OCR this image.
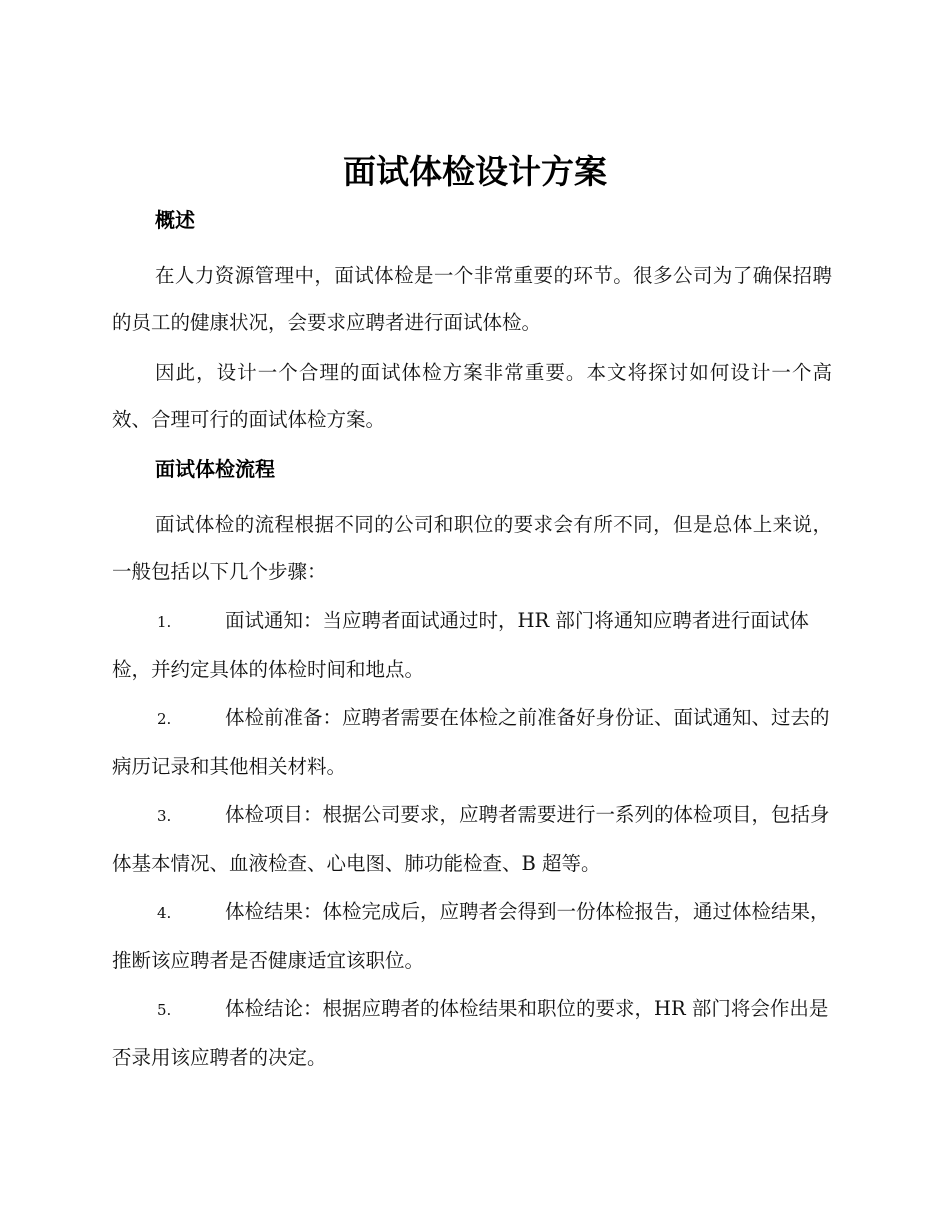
面试体检设计方案
概述

在人力资源管理中，面试体检是一个非常重要的环节。很多公司为了确保招聘的员工的健康状况，会要求应聘者进行面试体检。

因此，设计一个合理的面试体检方案非常重要。本文将探讨如何设计一个高效、合理可行的面试体检方案。

面试体检流程

面试体检的流程根据不同的公司和职位的要求会有所不同，但是总体上来说，一般包括以下几个步骤：

1.	面试通知：当应聘者面试通过时，HR 部门将通知应聘者进行面试体检，并约定具体的体检时间和地点。
2.	体检前准备：应聘者需要在体检之前准备好身份证、面试通知、过去的病历记录和其他相关材料。
3.	体检项目：根据公司要求，应聘者需要进行一系列的体检项目，包括身体基本情况、血液检查、心电图、肺功能检查、B 超等。
4.	体检结果：体检完成后，应聘者会得到一份体检报告，通过体检结果，推断该应聘者是否健康适宜该职位。
5.	体检结论：根据应聘者的体检结果和职位的要求，HR 部门将会作出是否录用该应聘者的决定。
